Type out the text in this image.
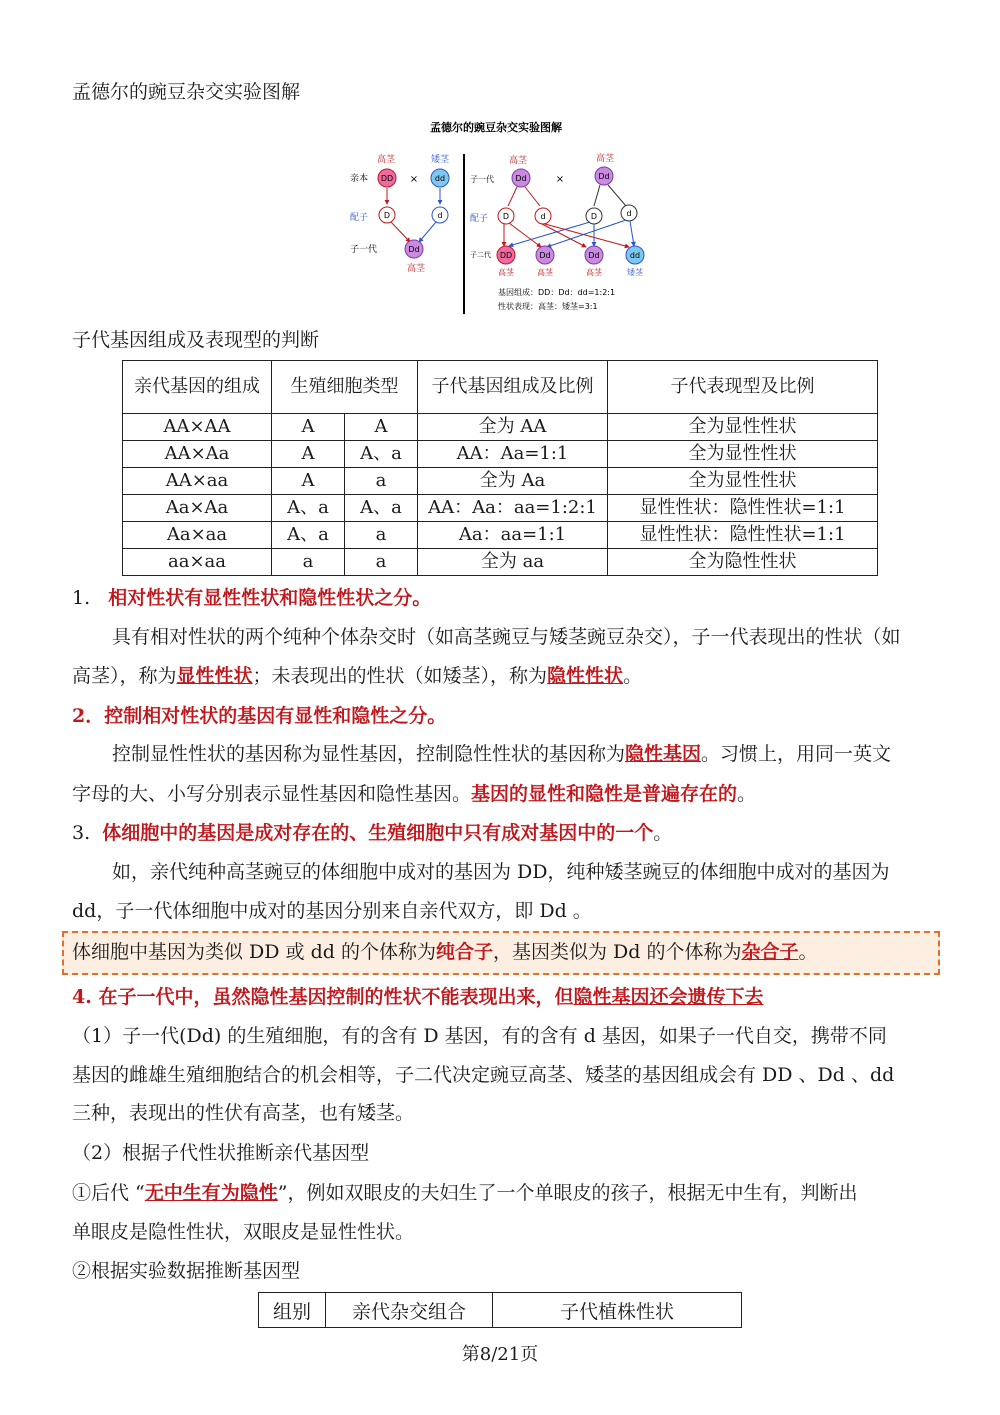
孟德尔的豌豆杂交实验图解
孟德尔的豌豆杂交实验图解
高茎	矮茎
亲本 DD × dd
配子 D	d
子一代	Dd
高茎
高茎	高茎
子一代	Dd	×	Dd
配子 D	d	D	d
子二代 DD	Dd	Dd	dd
高茎	高茎	高茎	矮茎
基因组成：DD：Dd：dd=1:2:1
性状表现：高茎：矮茎=3:1
子代基因组成及表现型的判断
亲代基因的组成	生殖细胞类型		子代基因组成及比例	子代表现型及比例
AA×AA	A	A	全为 AA	全为显性性状
AA×Aa	A	A、a	AA：Aa=1:1	全为显性性状
AA×aa	A	a	全为 Aa	全为显性性状
Aa×Aa	A、a	A、a	AA：Aa：aa=1:2:1	显性性状：隐性性状=1:1
Aa×aa	A、a	a	Aa：aa=1:1	显性性状：隐性性状=1:1
aa×aa	a	a	全为 aa	全为隐性性状
1. 相对性状有显性性状和隐性性状之分。
具有相对性状的两个纯种个体杂交时（如高茎豌豆与矮茎豌豆杂交），子一代表现出的性状（如
高茎），称为显性性状；未表现出的性状（如矮茎），称为隐性性状。
2．控制相对性状的基因有显性和隐性之分。
控制显性性状的基因称为显性基因，控制隐性性状的基因称为隐性基因。习惯上，用同一英文
字母的大、小写分别表示显性基因和隐性基因。基因的显性和隐性是普遍存在的。
3. 体细胞中的基因是成对存在的、生殖细胞中只有成对基因中的一个。
如，亲代纯种高茎豌豆的体细胞中成对的基因为 DD，纯种矮茎豌豆的体细胞中成对的基因为
dd，子一代体细胞中成对的基因分别来自亲代双方，即 Dd 。
体细胞中基因为类似 DD 或 dd 的个体称为纯合子，基因类似为 Dd 的个体称为杂合子。
4. 在子一代中，虽然隐性基因控制的性状不能表现出来，但隐性基因还会遗传下去
（1）子一代(Dd) 的生殖细胞，有的含有 D 基因，有的含有 d 基因，如果子一代自交，携带不同
基因的雌雄生殖细胞结合的机会相等，子二代决定豌豆高茎、矮茎的基因组成会有 DD 、Dd 、dd
三种，表现出的性伏有高茎，也有矮茎。
（2）根据子代性状推断亲代基因型
①后代 “无中生有为隐性”，例如双眼皮的夫妇生了一个单眼皮的孩子，根据无中生有，判断出
单眼皮是隐性性状，双眼皮是显性性状。
②根据实验数据推断基因型
组别	亲代杂交组合	子代植株性状
第8/21页
